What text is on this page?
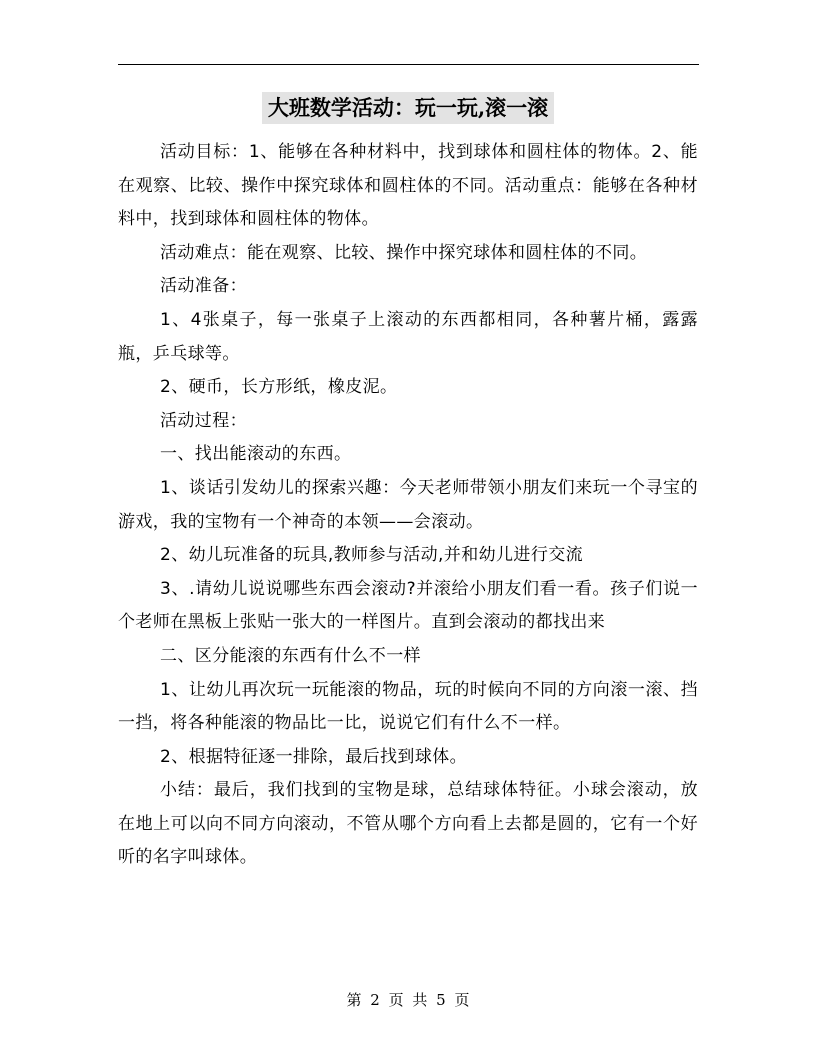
大班数学活动：玩一玩,滚一滚

活动目标：1、能够在各种材料中，找到球体和圆柱体的物体。2、能在观察、比较、操作中探究球体和圆柱体的不同。活动重点：能够在各种材料中，找到球体和圆柱体的物体。

活动难点：能在观察、比较、操作中探究球体和圆柱体的不同。

活动准备：

1、4张桌子，每一张桌子上滚动的东西都相同，各种薯片桶，露露瓶，乒乓球等。

2、硬币，长方形纸，橡皮泥。

活动过程：

一、找出能滚动的东西。

1、谈话引发幼儿的探索兴趣：今天老师带领小朋友们来玩一个寻宝的游戏，我的宝物有一个神奇的本领——会滚动。

2、幼儿玩准备的玩具,教师参与活动,并和幼儿进行交流

3、.请幼儿说说哪些东西会滚动?并滚给小朋友们看一看。孩子们说一个老师在黑板上张贴一张大的一样图片。直到会滚动的都找出来

二、区分能滚的东西有什么不一样

1、让幼儿再次玩一玩能滚的物品，玩的时候向不同的方向滚一滚、挡一挡，将各种能滚的物品比一比，说说它们有什么不一样。

2、根据特征逐一排除，最后找到球体。

小结：最后，我们找到的宝物是球，总结球体特征。小球会滚动，放在地上可以向不同方向滚动，不管从哪个方向看上去都是圆的，它有一个好听的名字叫球体。

第 2 页 共 5 页
